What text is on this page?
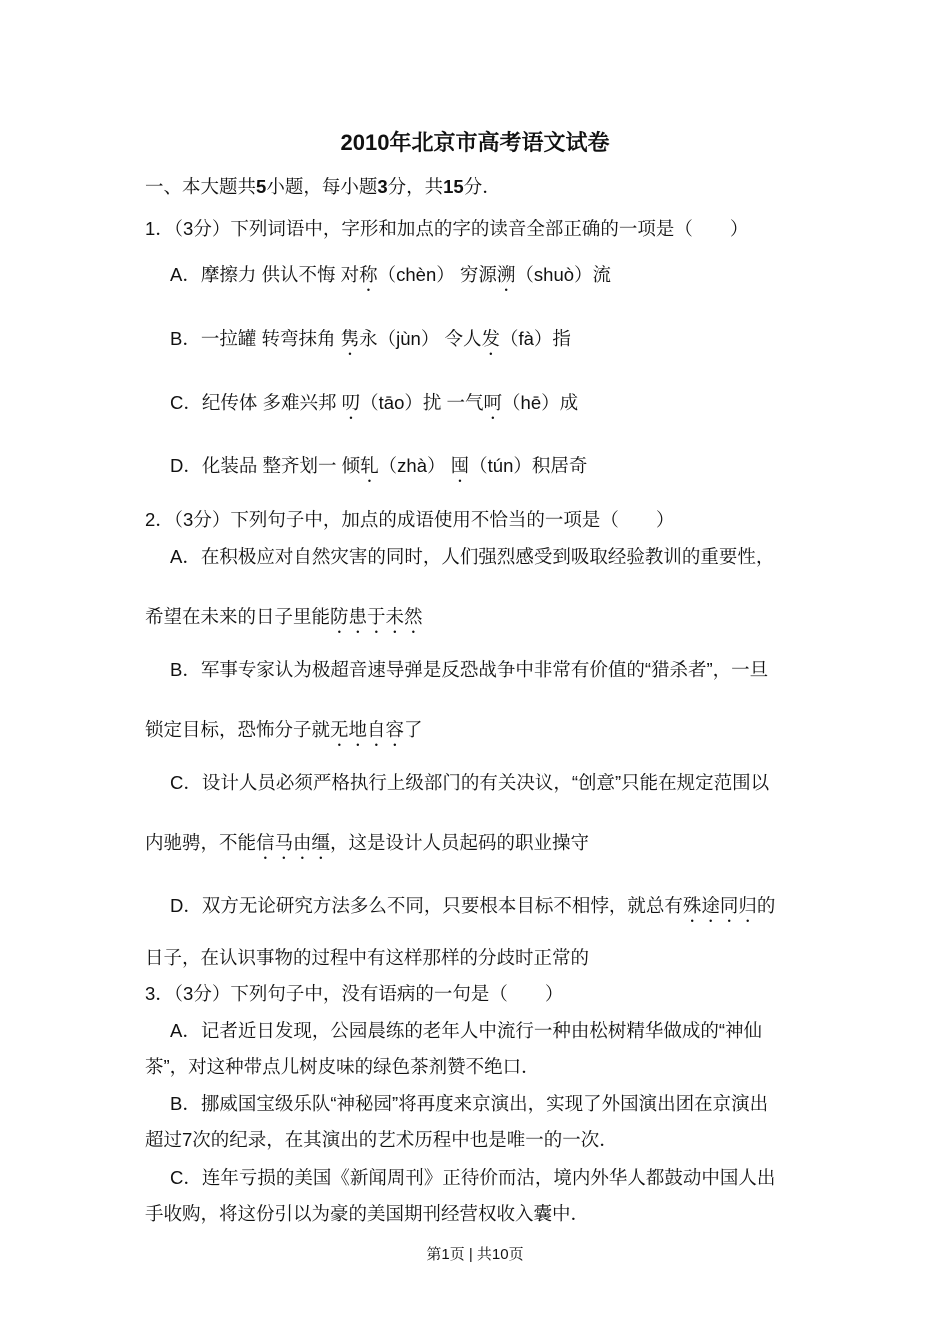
2010年北京市高考语文试卷
一、本大题共5小题，每小题3分，共15分．
1．（3分）下列词语中，字形和加点的字的读音全部正确的一项是（　　）
A．摩擦力 供认不悔 对称（chèn） 穷源溯（shuò）流
B．一拉罐 转弯抹角 隽永（jùn） 令人发（fà）指
C．纪传体 多难兴邦 叨（tāo）扰 一气呵（hē）成
D．化装品 整齐划一 倾轧（zhà） 囤（tún）积居奇
2．（3分）下列句子中，加点的成语使用不恰当的一项是（　　）
A．在积极应对自然灾害的同时，人们强烈感受到吸取经验教训的重要性，
希望在未来的日子里能防患于未然
B．军事专家认为极超音速导弹是反恐战争中非常有价值的“猎杀者”，一旦
锁定目标，恐怖分子就无地自容了
C．设计人员必须严格执行上级部门的有关决议，“创意”只能在规定范围以
内驰骋，不能信马由缰，这是设计人员起码的职业操守
D．双方无论研究方法多么不同，只要根本目标不相悖，就总有殊途同归的
日子，在认识事物的过程中有这样那样的分歧时正常的
3．（3分）下列句子中，没有语病的一句是（　　）
A．记者近日发现，公园晨练的老年人中流行一种由松树精华做成的“神仙
茶”，对这种带点儿树皮味的绿色茶剂赞不绝口．
B．挪威国宝级乐队“神秘园”将再度来京演出，实现了外国演出团在京演出
超过7次的纪录，在其演出的艺术历程中也是唯一的一次．
C．连年亏损的美国《新闻周刊》正待价而沽，境内外华人都鼓动中国人出
手收购，将这份引以为豪的美国期刊经营权收入囊中．
第1页 | 共10页
